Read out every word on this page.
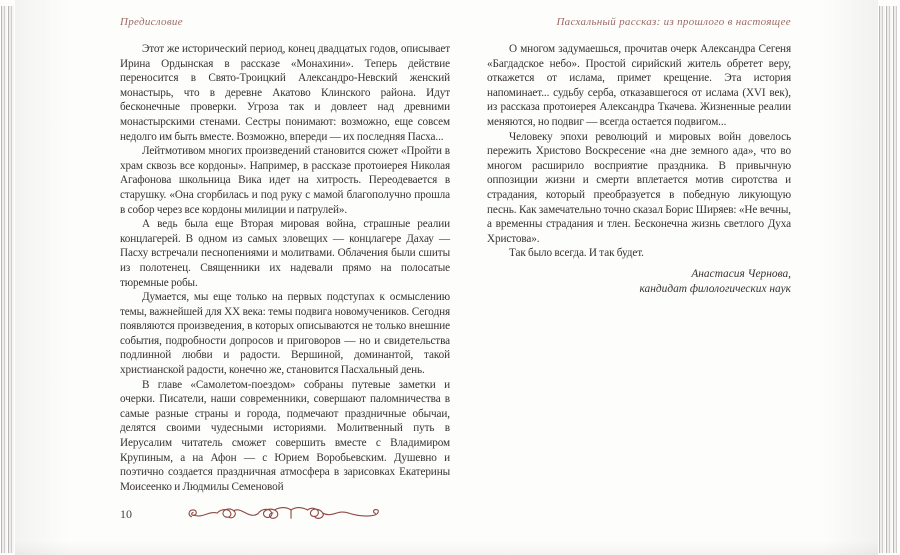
Предисловие

Этот же исторический период, конец двадцатых годов, описывает Ирина Ордынская в рассказе «Монахини». Теперь действие переносится в Свято-Троицкий Александро-Невский женский монастырь, что в деревне Акатово Клинского района. Идут бесконечные проверки. Угроза так и довлеет над древними монастырскими стенами. Сестры понимают: возможно, еще совсем недолго им быть вместе. Возможно, впереди — их последняя Пасха...

Лейтмотивом многих произведений становится сюжет «Пройти в храм сквозь все кордоны». Например, в рассказе протоиерея Николая Агафонова школьница Вика идет на хитрость. Переодевается в старушку. «Она сгорбилась и под руку с мамой благополучно прошла в собор через все кордоны милиции и патрулей».

А ведь была еще Вторая мировая война, страшные реалии концлагерей. В одном из самых зловещих — концлагере Дахау — Пасху встречали песнопениями и молитвами. Облачения были сшиты из полотенец. Священники их надевали прямо на полосатые тюремные робы.

Думается, мы еще только на первых подступах к осмыслению темы, важнейшей для XX века: темы подвига новомучеников. Сегодня появляются произведения, в которых описываются не только внешние события, подробности допросов и приговоров — но и свидетельства подлинной любви и радости. Вершиной, доминантой, такой христианской радости, конечно же, становится Пасхальный день.

В главе «Самолетом-поездом» собраны путевые заметки и очерки. Писатели, наши современники, совершают паломничества в самые разные страны и города, подмечают праздничные обычаи, делятся своими чудесными историями. Молитвенный путь в Иерусалим читатель сможет совершить вместе с Владимиром Крупиным, а на Афон — с Юрием Воробьевским. Душевно и поэтично создается праздничная атмосфера в зарисовках Екатерины Моисеенко и Людмилы Семеновой

Пасхальный рассказ: из прошлого в настоящее

О многом задумаешься, прочитав очерк Александра Сегеня «Багдадское небо». Простой сирийский житель обретет веру, откажется от ислама, примет крещение. Эта история напоминает... судьбу серба, отказавшегося от ислама (XVI век), из рассказа протоиерея Александра Ткачева. Жизненные реалии меняются, но подвиг — всегда остается подвигом...

Человеку эпохи революций и мировых войн довелось пережить Христово Воскресение «на дне земного ада», что во многом расширило восприятие праздника. В привычную оппозиции жизни и смерти вплетается мотив сиротства и страдания, который преобразуется в победную ликующую песнь. Как замечательно точно сказал Борис Ширяев: «Не вечны, а временны страдания и тлен. Бесконечна жизнь светлого Духа Христова».

Так было всегда. И так будет.

Анастасия Чернова,
кандидат филологических наук
10
